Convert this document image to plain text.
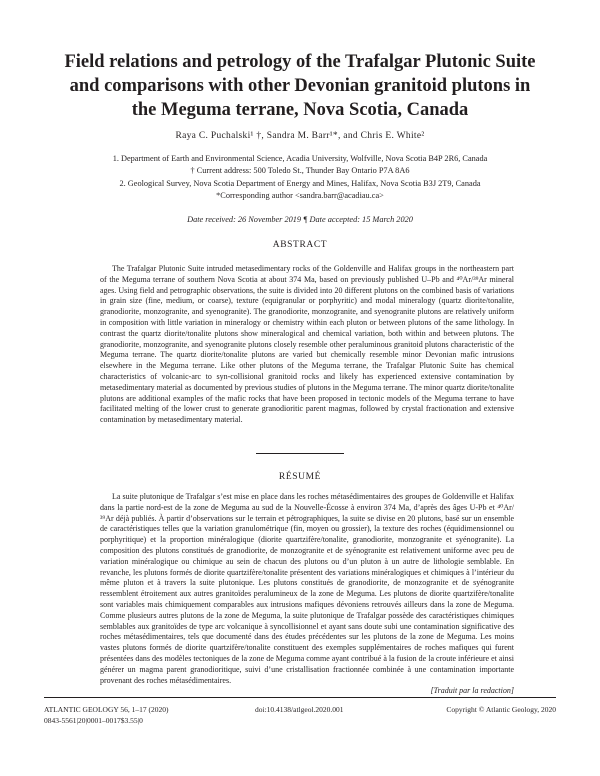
Field relations and petrology of the Trafalgar Plutonic Suite
and comparisons with other Devonian granitoid plutons in
the Meguma terrane, Nova Scotia, Canada
Raya C. Puchalski¹ †, Sandra M. Barr¹*, and Chris E. White²
1. Department of Earth and Environmental Science, Acadia University, Wolfville, Nova Scotia B4P 2R6, Canada
† Current address: 500 Toledo St., Thunder Bay Ontario P7A 8A6
2. Geological Survey, Nova Scotia Department of Energy and Mines, Halifax, Nova Scotia B3J 2T9, Canada
*Corresponding author <sandra.barr@acadiau.ca>
Date received: 26 November 2019 ¶ Date accepted: 15 March 2020
ABSTRACT

The Trafalgar Plutonic Suite intruded metasedimentary rocks of the Goldenville and Halifax groups in the northeastern part of the Meguma terrane of southern Nova Scotia at about 374 Ma, based on previously published U–Pb and ⁴⁰Ar/³⁹Ar mineral ages. Using field and petrographic observations, the suite is divided into 20 different plutons on the combined basis of variations in grain size (fine, medium, or coarse), texture (equigranular or porphyritic) and modal mineralogy (quartz diorite/tonalite, granodiorite, monzogranite, and syenogranite). The granodiorite, monzogranite, and syenogranite plutons are relatively uniform in composition with little variation in mineralogy or chemistry within each pluton or between plutons of the same lithology. In contrast the quartz diorite/tonalite plutons show mineralogical and chemical variation, both within and between plutons. The granodiorite, monzogranite, and syenogranite plutons closely resemble other peraluminous granitoid plutons characteristic of the Meguma terrane. The quartz diorite/tonalite plutons are varied but chemically resemble minor Devonian mafic intrusions elsewhere in the Meguma terrane. Like other plutons of the Meguma terrane, the Trafalgar Plutonic Suite has chemical characteristics of volcanic-arc to syn-collisional granitoid rocks and likely has experienced extensive contamination by metasedimentary material as documented by previous studies of plutons in the Meguma terrane. The minor quartz diorite/tonalite plutons are additional examples of the mafic rocks that have been proposed in tectonic models of the Meguma terrane to have facilitated melting of the lower crust to generate granodioritic parent magmas, followed by crystal fractionation and extensive contamination by metasedimentary material.

RÉSUMÉ

La suite plutonique de Trafalgar s’est mise en place dans les roches métasédimentaires des groupes de Goldenville et Halifax dans la partie nord-est de la zone de Meguma au sud de la Nouvelle-Écosse à environ 374 Ma, d’après des âges U-Pb et ⁴⁰Ar/³⁹Ar déjà publiés. À partir d’observations sur le terrain et pétrographiques, la suite se divise en 20 plutons, basé sur un ensemble de caractéristiques telles que la variation granulométrique (fin, moyen ou grossier), la texture des roches (équidimensionnel ou porphyritique) et la proportion minéralogique (diorite quartzifère/tonalite, granodiorite, monzogranite et syénogranite). La composition des plutons constitués de granodiorite, de monzogranite et de syénogranite est relativement uniforme avec peu de variation minéralogique ou chimique au sein de chacun des plutons ou d’un pluton à un autre de lithologie semblable. En revanche, les plutons formés de diorite quartzifère/tonalite présentent des variations minéralogiques et chimiques à l’intérieur du même pluton et à travers la suite plutonique. Les plutons constitués de granodiorite, de monzogranite et de syénogranite ressemblent étroitement aux autres granitoïdes peralumineux de la zone de Meguma. Les plutons de diorite quartzifère/tonalite sont variables mais chimiquement comparables aux intrusions mafiques dévoniens retrouvés ailleurs dans la zone de Meguma. Comme plusieurs autres plutons de la zone de Meguma, la suite plutonique de Trafalgar possède des caractéristiques chimiques semblables aux granitoïdes de type arc volcanique à syncollisionnel et ayant sans doute subi une contamination significative des roches métasédimentaires, tels que documenté dans des études précédentes sur les plutons de la zone de Meguma. Les moins vastes plutons formés de diorite quartzifère/tonalite constituent des exemples supplémentaires de roches mafiques qui furent présentées dans des modèles tectoniques de la zone de Meguma comme ayant contribué à la fusion de la croute inférieure et ainsi générer un magma parent granodioritique, suivi d’une cristallisation fractionnée combinée à une contamination importante provenant des roches métasédimentaires.

[Traduit par la redaction]
ATLANTIC GEOLOGY 56, 1–17 (2020)
0843-5561|20|0001–0017$3.55|0
doi:10.4138/atlgeol.2020.001	Copyright © Atlantic Geology, 2020
